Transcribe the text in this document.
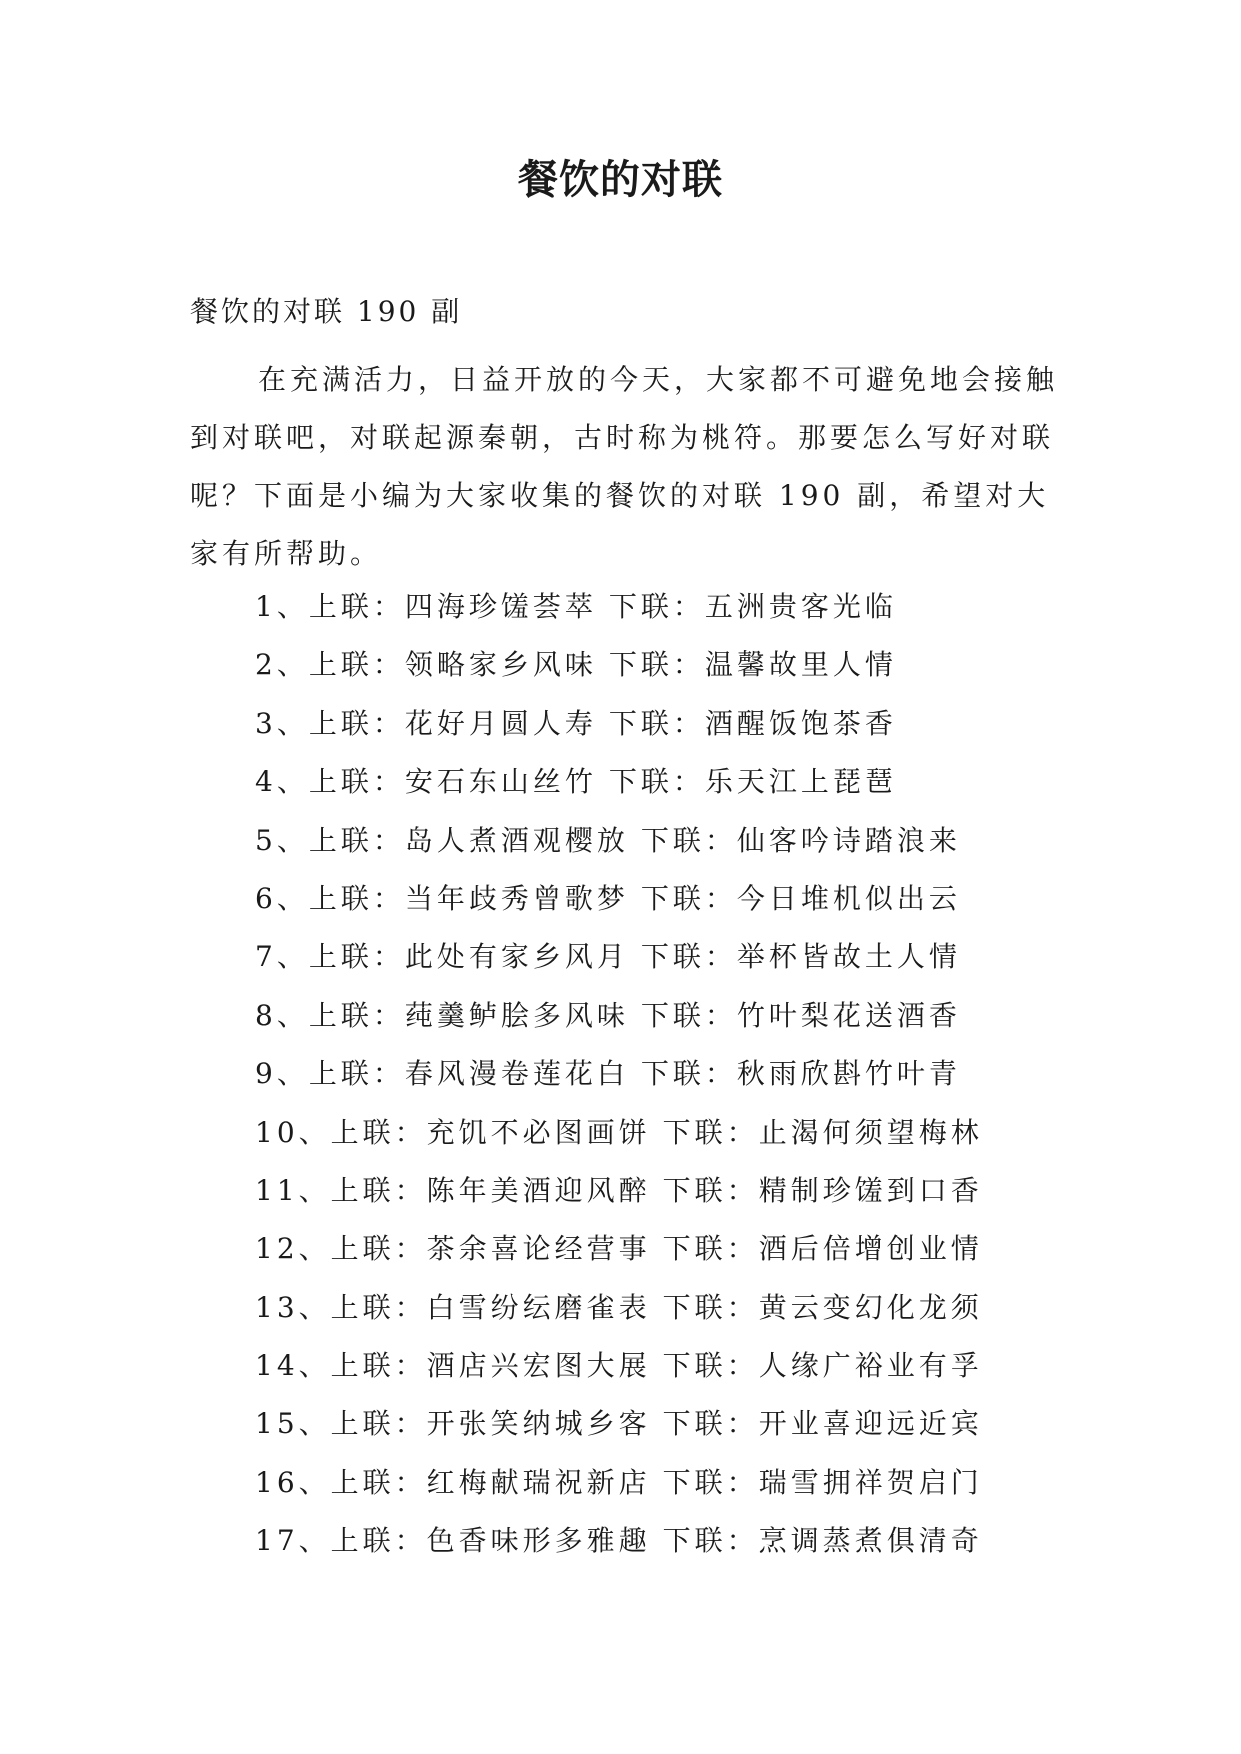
餐饮的对联

餐饮的对联 190 副

在充满活力，日益开放的今天，大家都不可避免地会接触到对联吧，对联起源秦朝，古时称为桃符。那要怎么写好对联呢？下面是小编为大家收集的餐饮的对联 190 副，希望对大家有所帮助。

1、上联：四海珍馐荟萃 下联：五洲贵客光临
2、上联：领略家乡风味 下联：温馨故里人情
3、上联：花好月圆人寿 下联：酒醒饭饱茶香
4、上联：安石东山丝竹 下联：乐天江上琵琶
5、上联：岛人煮酒观樱放 下联：仙客吟诗踏浪来
6、上联：当年歧秀曾歌梦 下联：今日堆机似出云
7、上联：此处有家乡风月 下联：举杯皆故土人情
8、上联：莼羹鲈脍多风味 下联：竹叶梨花送酒香
9、上联：春风漫卷莲花白 下联：秋雨欣斟竹叶青
10、上联：充饥不必图画饼 下联：止渴何须望梅林
11、上联：陈年美酒迎风醉 下联：精制珍馐到口香
12、上联：茶余喜论经营事 下联：酒后倍增创业情
13、上联：白雪纷纭磨雀表 下联：黄云变幻化龙须
14、上联：酒店兴宏图大展 下联：人缘广裕业有孚
15、上联：开张笑纳城乡客 下联：开业喜迎远近宾
16、上联：红梅献瑞祝新店 下联：瑞雪拥祥贺启门
17、上联：色香味形多雅趣 下联：烹调蒸煮俱清奇
